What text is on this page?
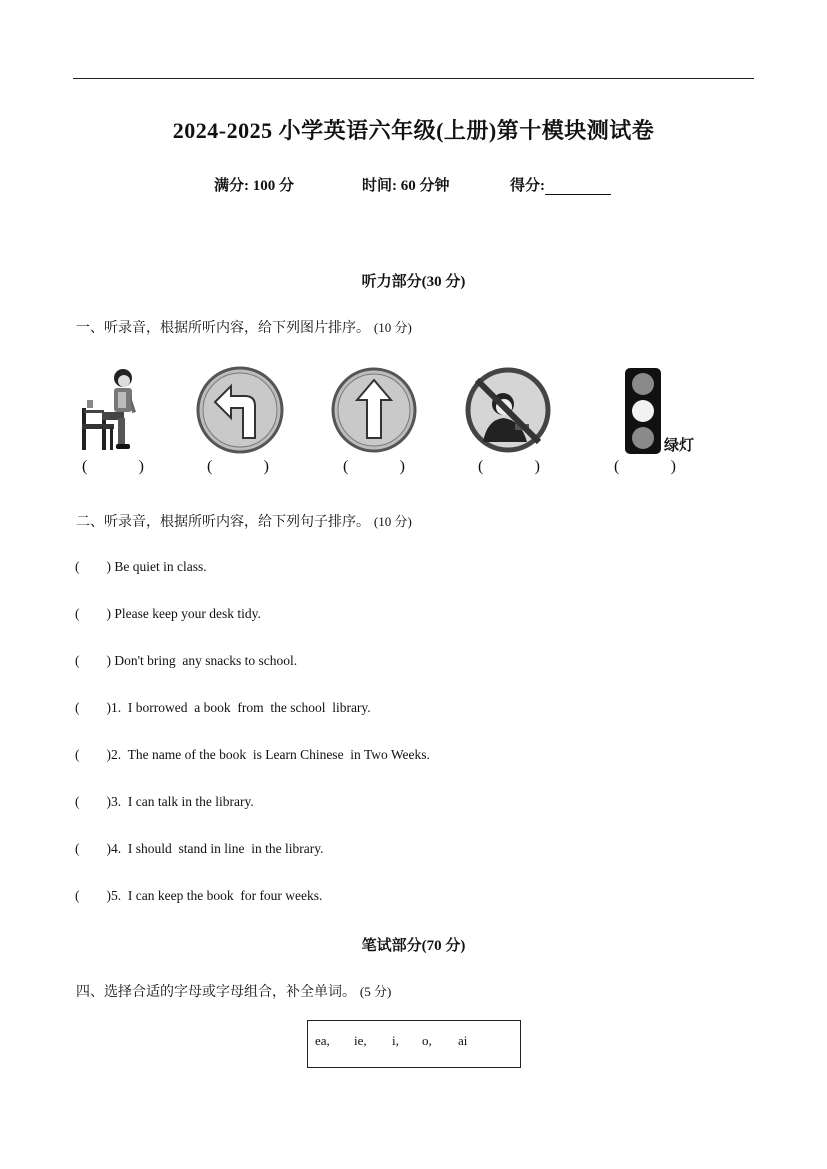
2024-2025 小学英语六年级(上册)第十模块测试卷
满分: 100 分	时间: 60 分钟	得分:
听力部分(30 分)
一、听录音，根据所听内容，给下列图片排序。 (10 分)
绿灯
(	)	(	)	(	)	(	)	(	)
二、听录音，根据所听内容，给下列句子排序。 (10 分)
(        ) Be quiet in class.
(        ) Please keep your desk tidy.
(        ) Don't bring  any snacks to school.
(        )1.  I borrowed  a book  from  the school  library.
(        )2.  The name of the book  is Learn Chinese  in Two Weeks.
(        )3.  I can talk in the library.
(        )4.  I should  stand in line  in the library.
(        )5.  I can keep the book  for four weeks.
笔试部分(70 分)
四、选择合适的字母或字母组合，补全单词。 (5 分)
ea, ie, i, o, ai
